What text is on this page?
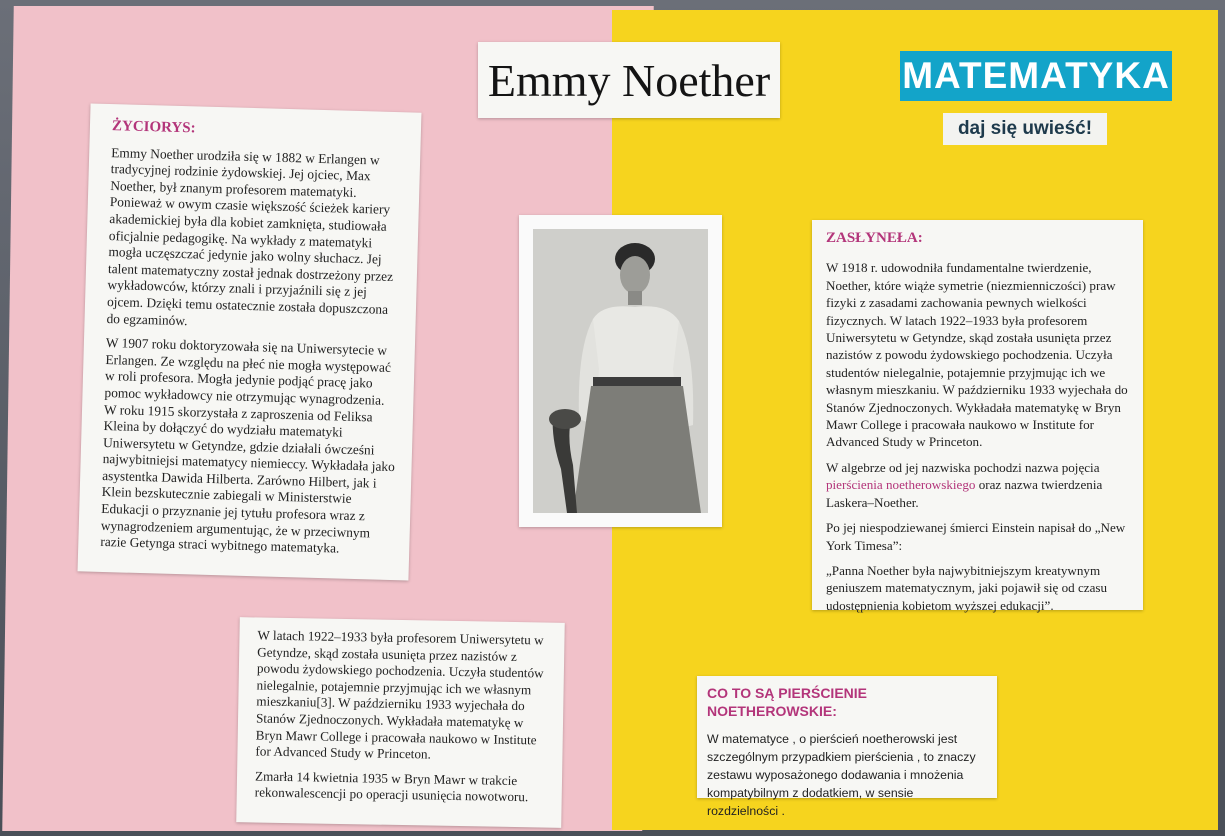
Emmy Noether	MATEMATYKA
daj się uwieść!
ŻYCIORYS:

Emmy Noether urodziła się w 1882 w Erlangen w tradycyjnej rodzinie żydowskiej. Jej ojciec, Max Noether, był znanym profesorem matematyki. Ponieważ w owym czasie większość ścieżek kariery akademickiej była dla kobiet zamknięta, studiowała oficjalnie pedagogikę. Na wykłady z matematyki mogła uczęszczać jedynie jako wolny słuchacz. Jej talent matematyczny został jednak dostrzeżony przez wykładowców, którzy znali i przyjaźnili się z jej ojcem. Dzięki temu ostatecznie została dopuszczona do egzaminów.

W 1907 roku doktoryzowała się na Uniwersytecie w Erlangen. Ze względu na płeć nie mogła występować w roli profesora. Mogła jedynie podjąć pracę jako pomoc wykładowcy nie otrzymując wynagrodzenia. W roku 1915 skorzystała z zaproszenia od Feliksa Kleina by dołączyć do wydziału matematyki Uniwersytetu w Getyndze, gdzie działali ówcześni najwybitniejsi matematycy niemieccy. Wykładała jako asystentka Dawida Hilberta. Zarówno Hilbert, jak i Klein bezskutecznie zabiegali w Ministerstwie Edukacji o przyznanie jej tytułu profesora wraz z wynagrodzeniem argumentując, że w przeciwnym razie Getynga straci wybitnego matematyka.

ZASŁYNEŁA:

W 1918 r. udowodniła fundamentalne twierdzenie, Noether, które wiąże symetrie (niezmienniczości) praw fizyki z zasadami zachowania pewnych wielkości fizycznych. W latach 1922–1933 była profesorem Uniwersytetu w Getyndze, skąd została usunięta przez nazistów z powodu żydowskiego pochodzenia. Uczyła studentów nielegalnie, potajemnie przyjmując ich we własnym mieszkaniu. W październiku 1933 wyjechała do Stanów Zjednoczonych. Wykładała matematykę w Bryn Mawr College i pracowała naukowo w Institute for Advanced Study w Princeton.

W algebrze od jej nazwiska pochodzi nazwa pojęcia pierścienia noetherowskiego oraz nazwa twierdzenia Laskera–Noether.

Po jej niespodziewanej śmierci Einstein napisał do „New York Timesa”:

„Panna Noether była najwybitniejszym kreatywnym geniuszem matematycznym, jaki pojawił się od czasu udostępnienia kobietom wyższej edukacji”.

W latach 1922–1933 była profesorem Uniwersytetu w Getyndze, skąd została usunięta przez nazistów z powodu żydowskiego pochodzenia. Uczyła studentów nielegalnie, potajemnie przyjmując ich we własnym mieszkaniu[3]. W październiku 1933 wyjechała do Stanów Zjednoczonych. Wykładała matematykę w Bryn Mawr College i pracowała naukowo w Institute for Advanced Study w Princeton.

Zmarła 14 kwietnia 1935 w Bryn Mawr w trakcie rekonwalescencji po operacji usunięcia nowotworu.

CO TO SĄ PIERŚCIENIE NOETHEROWSKIE:

W matematyce , o pierścień noetherowski jest szczególnym przypadkiem pierścienia , to znaczy zestawu wyposażonego dodawania i mnożenia kompatybilnym z dodatkiem, w sensie rozdzielności .
